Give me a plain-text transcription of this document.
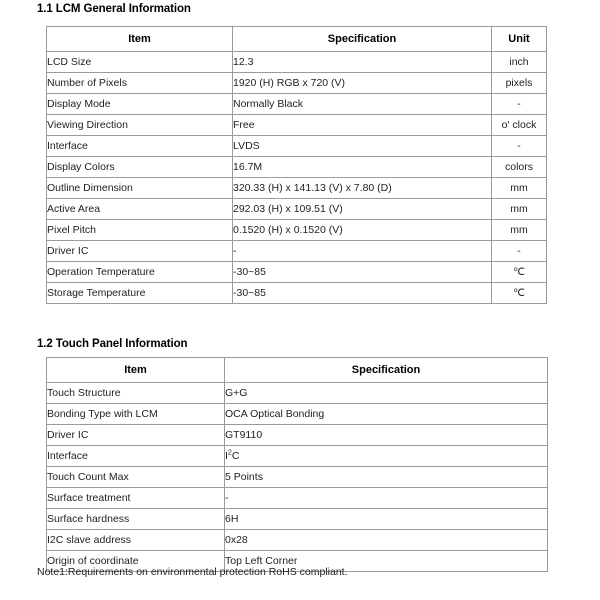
1.1 LCM General Information
Item	Specification	Unit
LCD Size	12.3	inch
Number of Pixels	1920 (H) RGB x 720 (V)	pixels
Display Mode	Normally Black	-
Viewing Direction	Free	o' clock
Interface	LVDS	-
Display Colors	16.7M	colors
Outline Dimension	320.33 (H) x 141.13 (V) x 7.80 (D)	mm
Active Area	292.03 (H) x 109.51 (V)	mm
Pixel Pitch	0.1520 (H) x 0.1520 (V)	mm
Driver IC	-	-
Operation Temperature	-30~85	℃
Storage Temperature	-30~85	℃
1.2 Touch Panel Information
Item	Specification
Touch Structure	G+G
Bonding Type with LCM	OCA Optical Bonding
Driver IC	GT9110
Interface	$I^2C$
Touch Count Max	5 Points
Surface treatment	-
Surface hardness	6H
I2C slave address	0x28
Origin of coordinate	Top Left Corner
Note1:Requirements on environmental protection RoHS compliant.
